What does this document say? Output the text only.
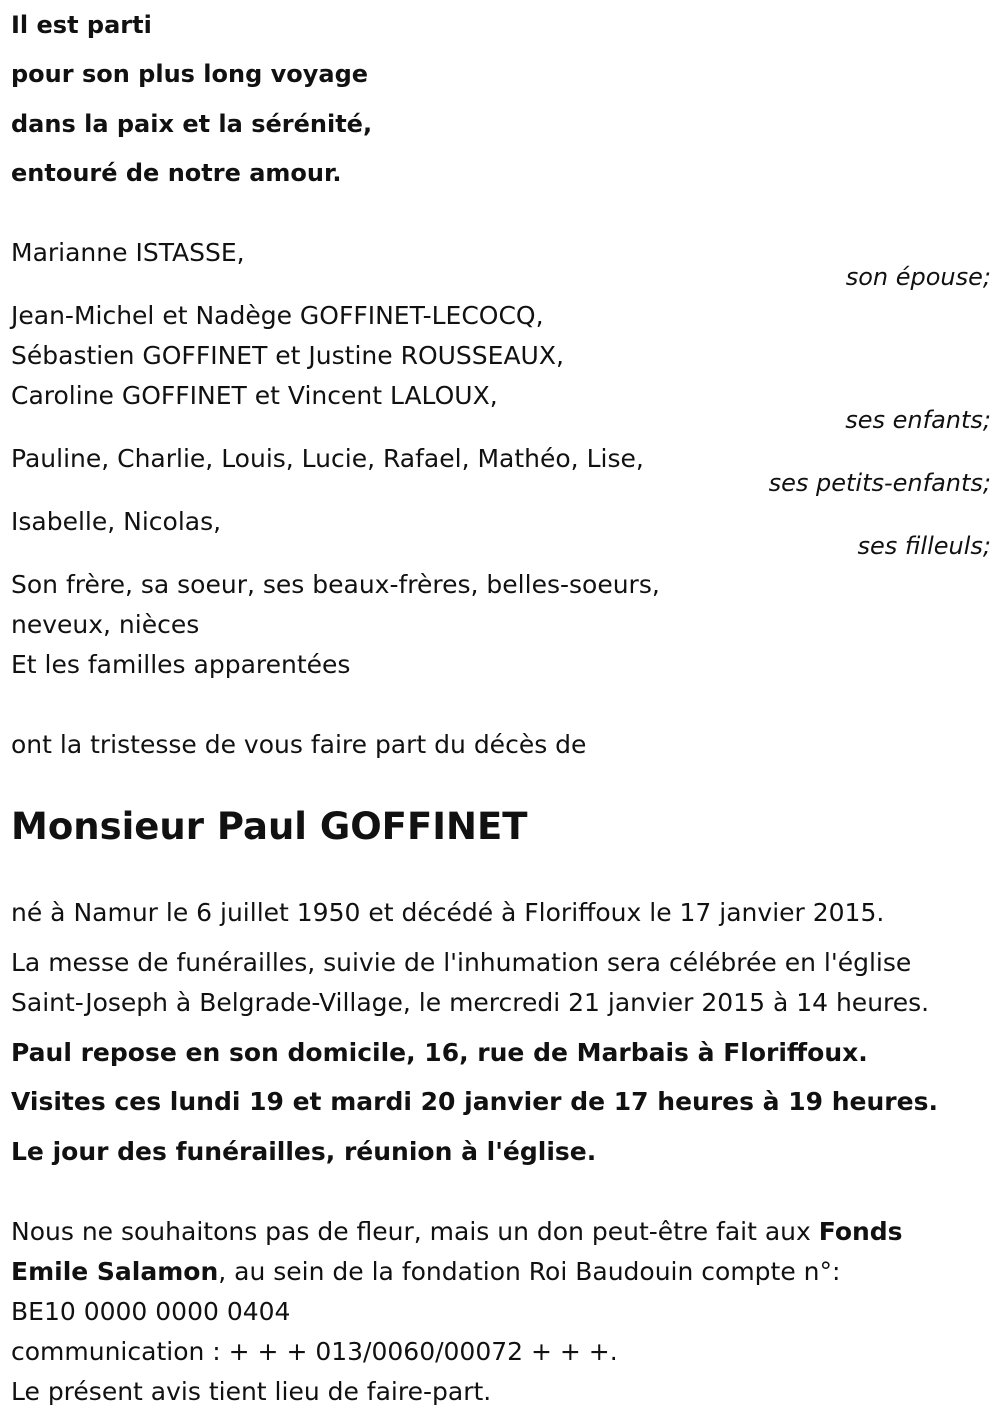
Il est parti
pour son plus long voyage
dans la paix et la sérénité,
entouré de notre amour.
Marianne ISTASSE,
son épouse;
Jean-Michel et Nadège GOFFINET-LECOCQ,
Sébastien GOFFINET et Justine ROUSSEAUX,
Caroline GOFFINET et Vincent LALOUX,
ses enfants;
Pauline, Charlie, Louis, Lucie, Rafael, Mathéo, Lise,
ses petits-enfants;
Isabelle, Nicolas,
ses filleuls;
Son frère, sa soeur, ses beaux-frères, belles-soeurs,
neveux, nièces
Et les familles apparentées
ont la tristesse de vous faire part du décès de
Monsieur Paul GOFFINET
né à Namur le 6 juillet 1950 et décédé à Floriffoux le 17 janvier 2015.
La messe de funérailles, suivie de l'inhumation sera célébrée en l'église
Saint-Joseph à Belgrade-Village, le mercredi 21 janvier 2015 à 14 heures.
Paul repose en son domicile, 16, rue de Marbais à Floriffoux.
Visites ces lundi 19 et mardi 20 janvier de 17 heures à 19 heures.
Le jour des funérailles, réunion à l'église.
Nous ne souhaitons pas de fleur, mais un don peut-être fait aux Fonds
Emile Salamon, au sein de la fondation Roi Baudouin compte n°:
BE10 0000 0000 0404
communication : + + + 013/0060/00072 + + +.
Le présent avis tient lieu de faire-part.
